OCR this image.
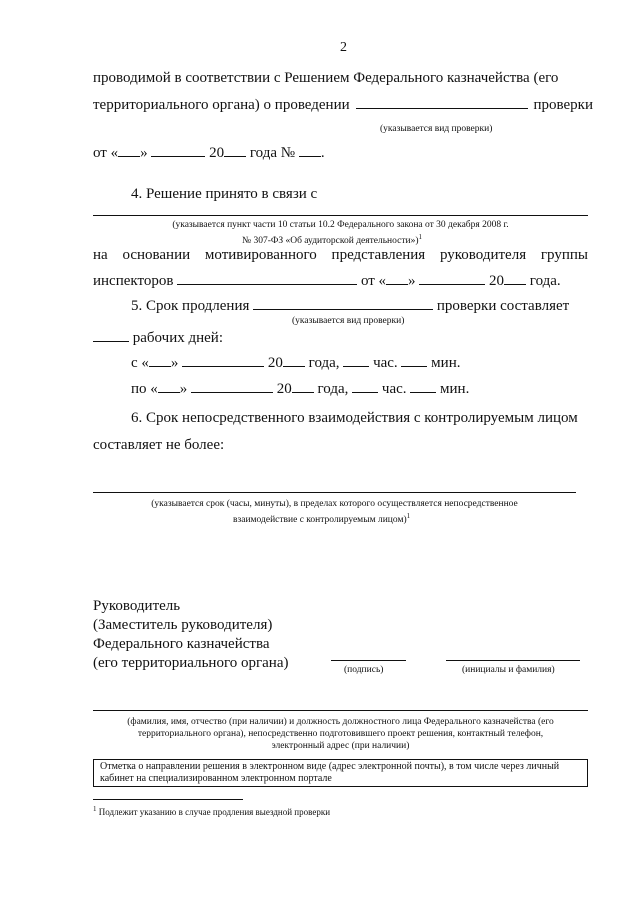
2
проводимой в соответствии с Решением Федерального казначейства (его
территориального органа) о проведении	проверки
(указывается вид проверки)
от « »	20 года № .
4. Решение принято в связи с
(указывается пункт части 10 статьи 10.2 Федерального закона от 30 декабря 2008 г.
№ 307-ФЗ «Об аудиторской деятельности»)$^1$
на основании мотивированного представления руководителя группы
инспекторов	от « »	20 года.
5. Срок продления	проверки составляет
(указывается вид проверки)
рабочих дней:
с « »	20 года, час. мин.
по « »	20 года, час. мин.
6. Срок непосредственного взаимодействия с контролируемым лицом
составляет не более:
(указывается срок (часы, минуты), в пределах которого осуществляется непосредственное
взаимодействие с контролируемым лицом)$^1$
Руководитель
(Заместитель руководителя)
Федерального казначейства
(его территориального органа)	(подпись)	(инициалы и фамилия)
(фамилия, имя, отчество (при наличии) и должность должностного лица Федерального казначейства (его
территориального органа), непосредственно подготовившего проект решения, контактный телефон,
электронный адрес (при наличии)
Отметка о направлении решения в электронном виде (адрес электронной почты), в том числе через личный
кабинет на специализированном электронном портале
$^1$ Подлежит указанию в случае продления выездной проверки
